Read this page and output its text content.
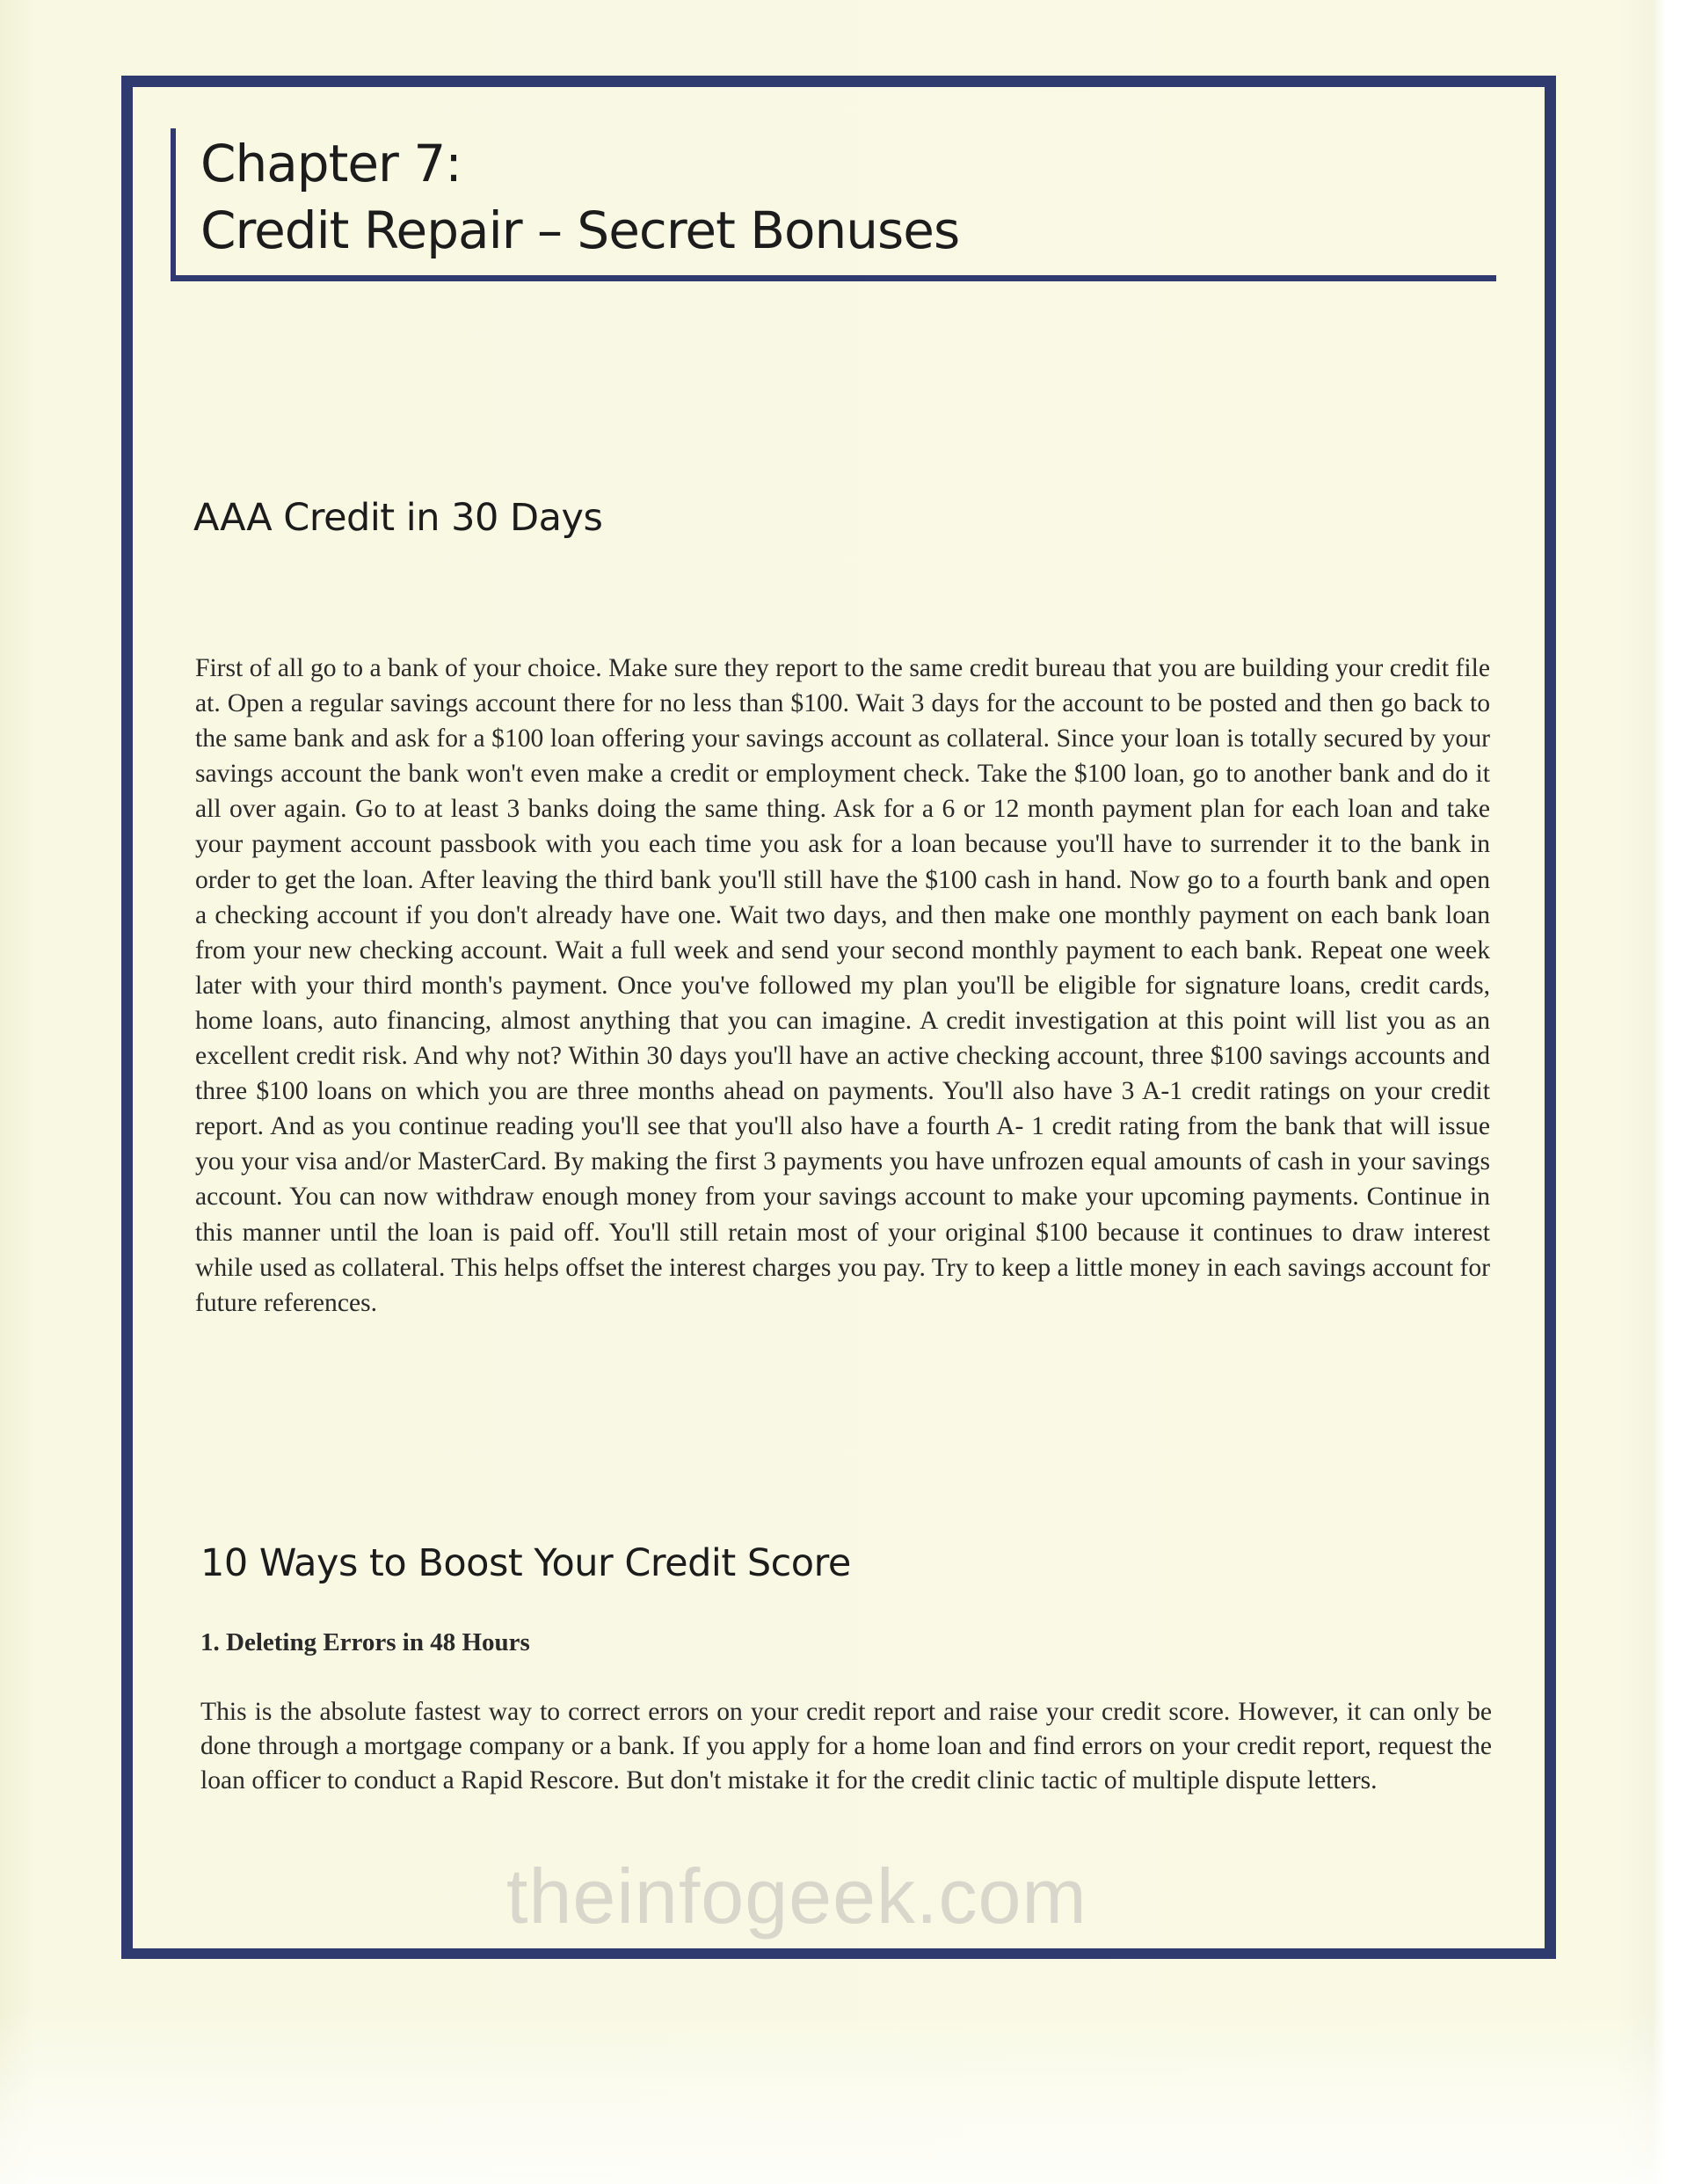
Chapter 7:
Credit Repair – Secret Bonuses
AAA Credit in 30 Days

First of all go to a bank of your choice. Make sure they report to the same credit bureau that you are building your credit file at. Open a regular savings account there for no less than $100. Wait 3 days for the account to be posted and then go back to the same bank and ask for a $100 loan offering your savings account as collateral. Since your loan is totally secured by your savings account the bank won't even make a credit or employment check. Take the $100 loan, go to another bank and do it all over again. Go to at least 3 banks doing the same thing. Ask for a 6 or 12 month payment plan for each loan and take your payment account passbook with you each time you ask for a loan because you'll have to surrender it to the bank in order to get the loan. After leaving the third bank you'll still have the $100 cash in hand. Now go to a fourth bank and open a checking account if you don't already have one. Wait two days, and then make one monthly payment on each bank loan from your new checking account. Wait a full week and send your second monthly payment to each bank. Repeat one week later with your third month's payment. Once you've followed my plan you'll be eligible for signature loans, credit cards, home loans, auto financing, almost anything that you can imagine. A credit investigation at this point will list you as an excellent credit risk. And why not? Within 30 days you'll have an active checking account, three $100 savings accounts and three $100 loans on which you are three months ahead on payments. You'll also have 3 A-1 credit ratings on your credit report. And as you continue reading you'll see that you'll also have a fourth A- 1 credit rating from the bank that will issue you your visa and/or MasterCard. By making the first 3 payments you have unfrozen equal amounts of cash in your savings account. You can now withdraw enough money from your savings account to make your upcoming payments. Continue in this manner until the loan is paid off. You'll still retain most of your original $100 because it continues to draw interest while used as collateral. This helps offset the interest charges you pay. Try to keep a little money in each savings account for future references.

10 Ways to Boost Your Credit Score
1. Deleting Errors in 48 Hours

This is the absolute fastest way to correct errors on your credit report and raise your credit score. However, it can only be done through a mortgage company or a bank. If you apply for a home loan and find errors on your credit report, request the loan officer to conduct a Rapid Rescore. But don't mistake it for the credit clinic tactic of multiple dispute letters.

theinfogeek.com
